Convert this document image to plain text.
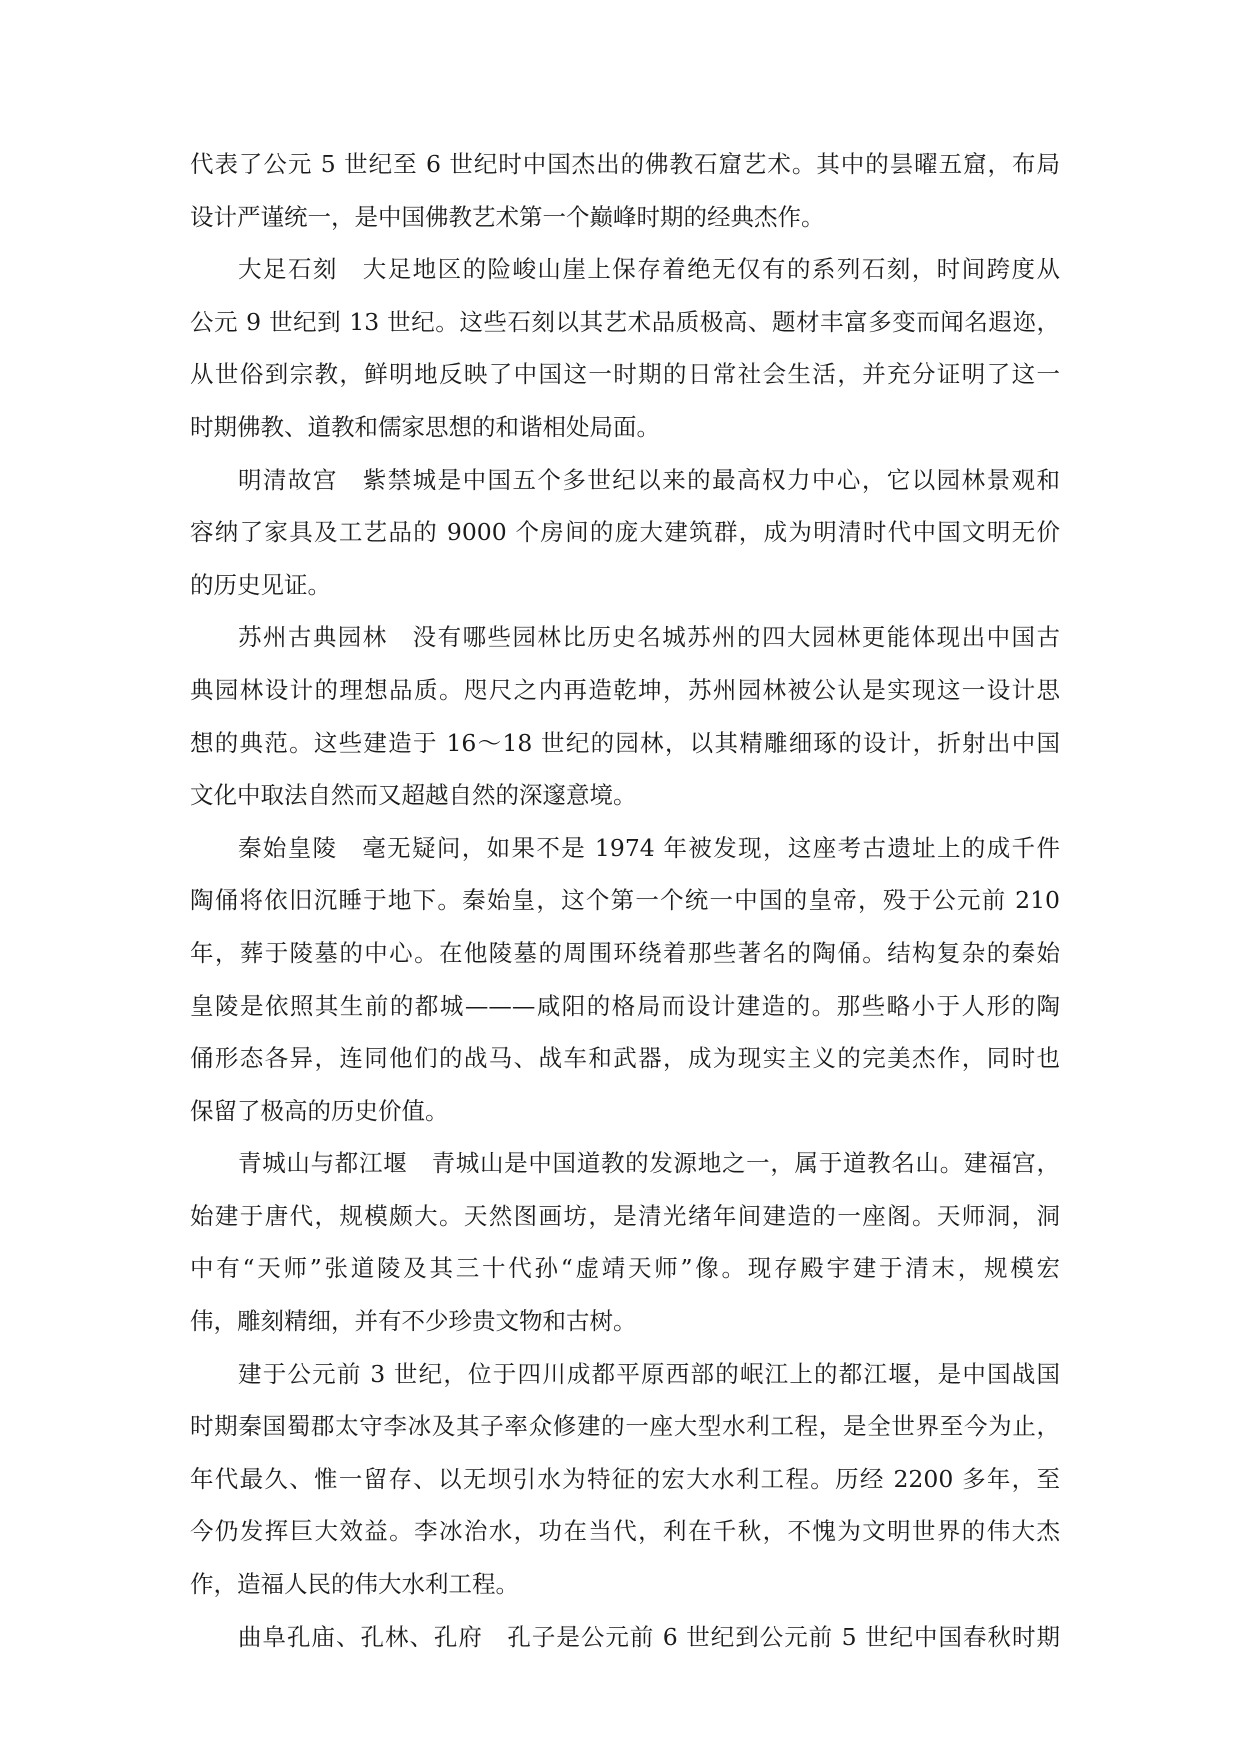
代表了公元 5 世纪至 6 世纪时中国杰出的佛教石窟艺术。其中的昙曜五窟，布局
设计严谨统一，是中国佛教艺术第一个巅峰时期的经典杰作。
大足石刻　大足地区的险峻山崖上保存着绝无仅有的系列石刻，时间跨度从
公元 9 世纪到 13 世纪。这些石刻以其艺术品质极高、题材丰富多变而闻名遐迩，
从世俗到宗教，鲜明地反映了中国这一时期的日常社会生活，并充分证明了这一
时期佛教、道教和儒家思想的和谐相处局面。
明清故宫　紫禁城是中国五个多世纪以来的最高权力中心，它以园林景观和
容纳了家具及工艺品的 9000 个房间的庞大建筑群，成为明清时代中国文明无价
的历史见证。
苏州古典园林　没有哪些园林比历史名城苏州的四大园林更能体现出中国古
典园林设计的理想品质。咫尺之内再造乾坤，苏州园林被公认是实现这一设计思
想的典范。这些建造于 16～18 世纪的园林，以其精雕细琢的设计，折射出中国
文化中取法自然而又超越自然的深邃意境。
秦始皇陵　毫无疑问，如果不是 1974 年被发现，这座考古遗址上的成千件
陶俑将依旧沉睡于地下。秦始皇，这个第一个统一中国的皇帝，殁于公元前 210
年，葬于陵墓的中心。在他陵墓的周围环绕着那些著名的陶俑。结构复杂的秦始
皇陵是依照其生前的都城———咸阳的格局而设计建造的。那些略小于人形的陶
俑形态各异，连同他们的战马、战车和武器，成为现实主义的完美杰作，同时也
保留了极高的历史价值。
青城山与都江堰　青城山是中国道教的发源地之一，属于道教名山。建福宫，
始建于唐代，规模颇大。天然图画坊，是清光绪年间建造的一座阁。天师洞，洞
中有“天师”张道陵及其三十代孙“虚靖天师”像。现存殿宇建于清末，规模宏
伟，雕刻精细，并有不少珍贵文物和古树。
建于公元前 3 世纪，位于四川成都平原西部的岷江上的都江堰，是中国战国
时期秦国蜀郡太守李冰及其子率众修建的一座大型水利工程，是全世界至今为止，
年代最久、惟一留存、以无坝引水为特征的宏大水利工程。历经 2200 多年，至
今仍发挥巨大效益。李冰治水，功在当代，利在千秋，不愧为文明世界的伟大杰
作，造福人民的伟大水利工程。
曲阜孔庙、孔林、孔府　孔子是公元前 6 世纪到公元前 5 世纪中国春秋时期
